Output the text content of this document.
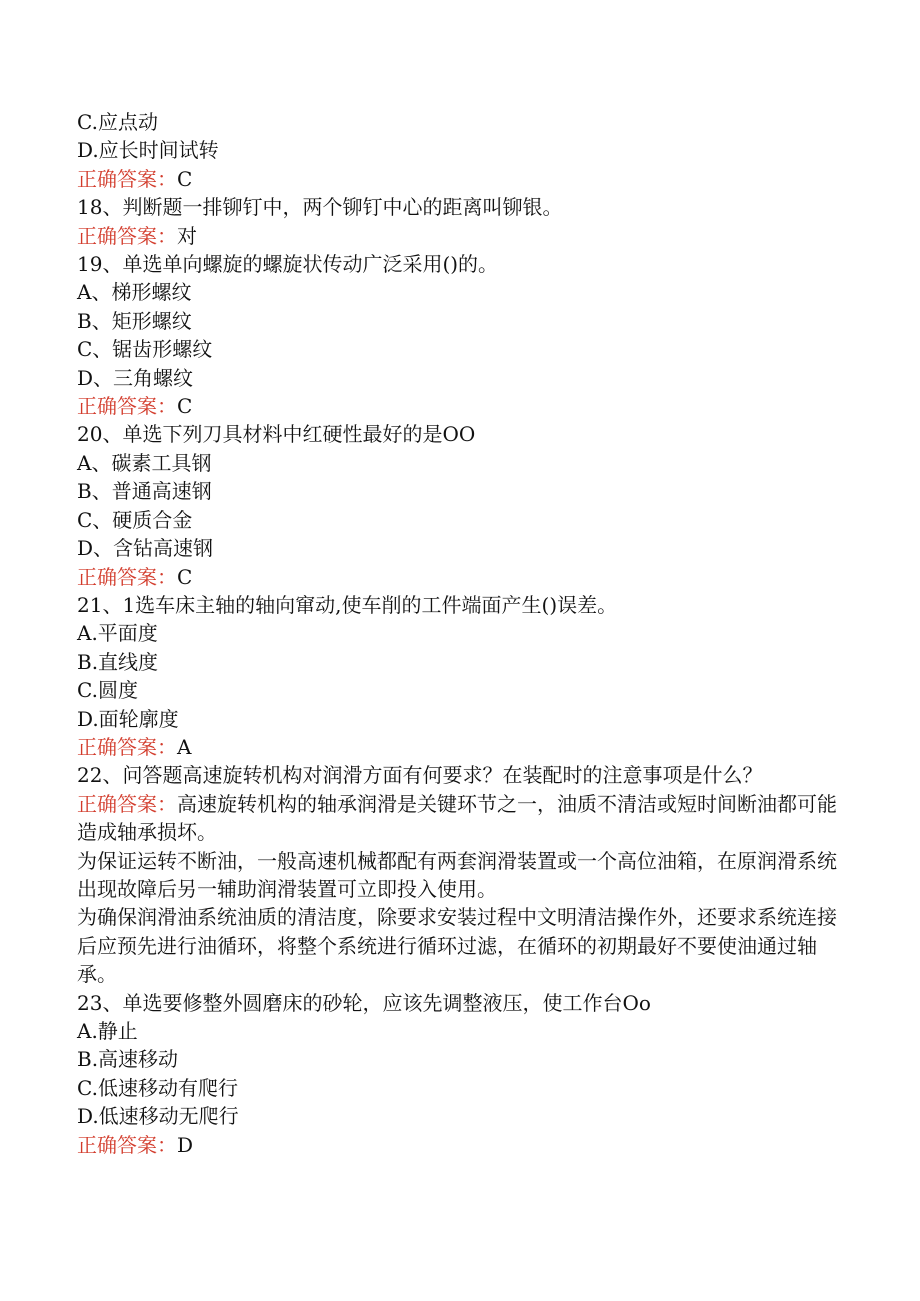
C.应点动
D.应长时间试转
正确答案：C
18、判断题一排铆钉中，两个铆钉中心的距离叫铆银。
正确答案：对
19、单选单向螺旋的螺旋状传动广泛采用()的。
A、梯形螺纹
B、矩形螺纹
C、锯齿形螺纹
D、三角螺纹
正确答案：C
20、单选下列刀具材料中红硬性最好的是OO
A、碳素工具钢
B、普通高速钢
C、硬质合金
D、含钻高速钢
正确答案：C
21、1选车床主轴的轴向窜动,使车削的工件端面产生()误差。
A.平面度
B.直线度
C.圆度
D.面轮廓度
正确答案：A
22、问答题高速旋转机构对润滑方面有何要求？在装配时的注意事项是什么？
正确答案：高速旋转机构的轴承润滑是关键环节之一，油质不清洁或短时间断油都可能造成轴承损坏。
为保证运转不断油，一般高速机械都配有两套润滑装置或一个高位油箱，在原润滑系统出现故障后另一辅助润滑装置可立即投入使用。
为确保润滑油系统油质的清洁度，除要求安装过程中文明清洁操作外，还要求系统连接后应预先进行油循环，将整个系统进行循环过滤，在循环的初期最好不要使油通过轴承。
23、单选要修整外圆磨床的砂轮，应该先调整液压，使工作台Oo
A.静止
B.高速移动
C.低速移动有爬行
D.低速移动无爬行
正确答案：D
